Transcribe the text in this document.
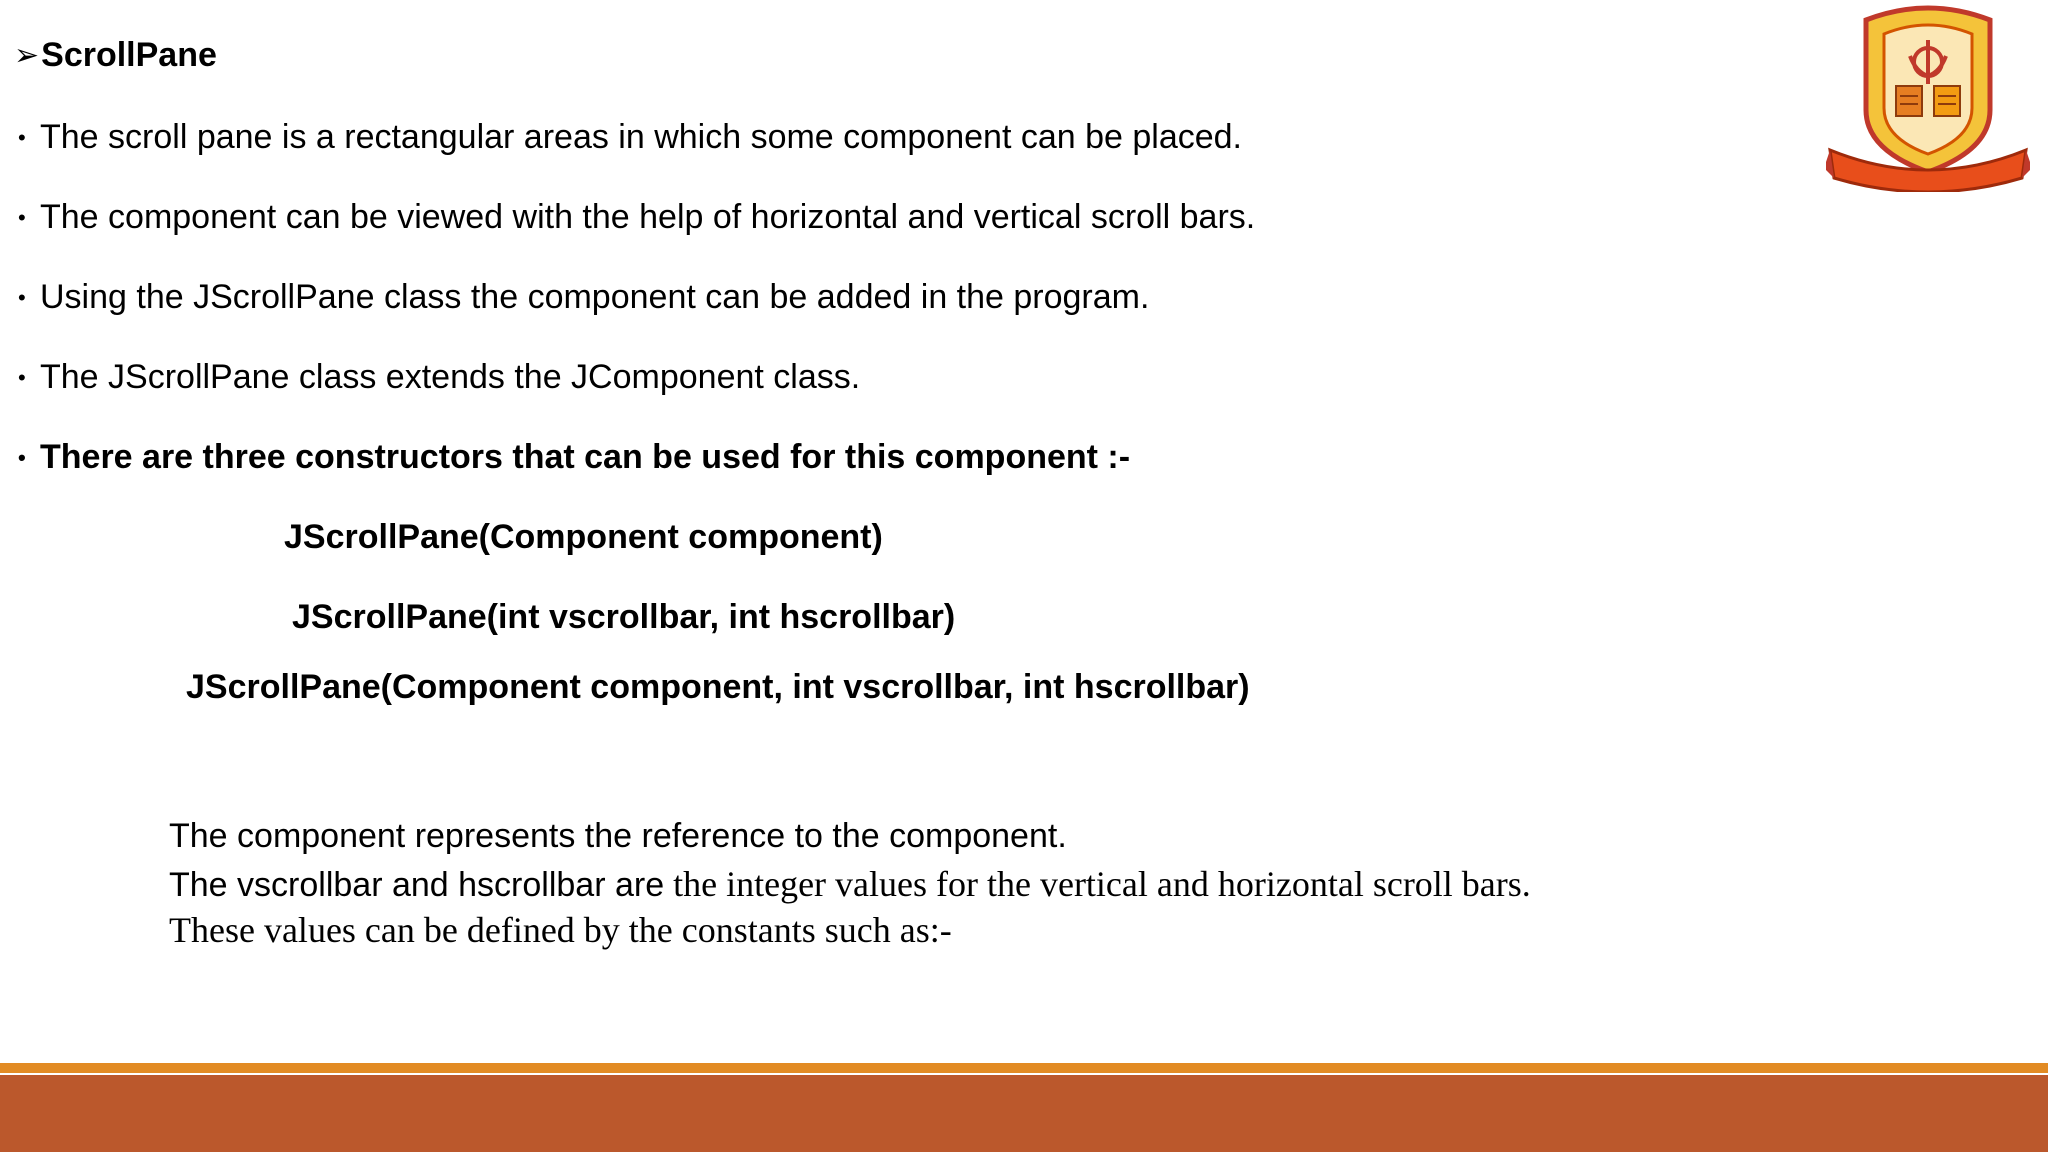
➢ ScrollPane
• The scroll pane is a rectangular areas in which some component can be placed.
• The component can be viewed with the help of horizontal and vertical scroll bars.
• Using the JScrollPane class the component can be added in the program.
• The JScrollPane class extends the JComponent class.
• There are three constructors that can be used for this component :-
JScrollPane(Component component)
JScrollPane(int vscrollbar, int hscrollbar)
JScrollPane(Component component, int vscrollbar, int hscrollbar)
The component represents the reference to the component.
The vscrollbar and hscrollbar are the integer values for the vertical and horizontal scroll bars.
These values can be defined by the constants such as:-
